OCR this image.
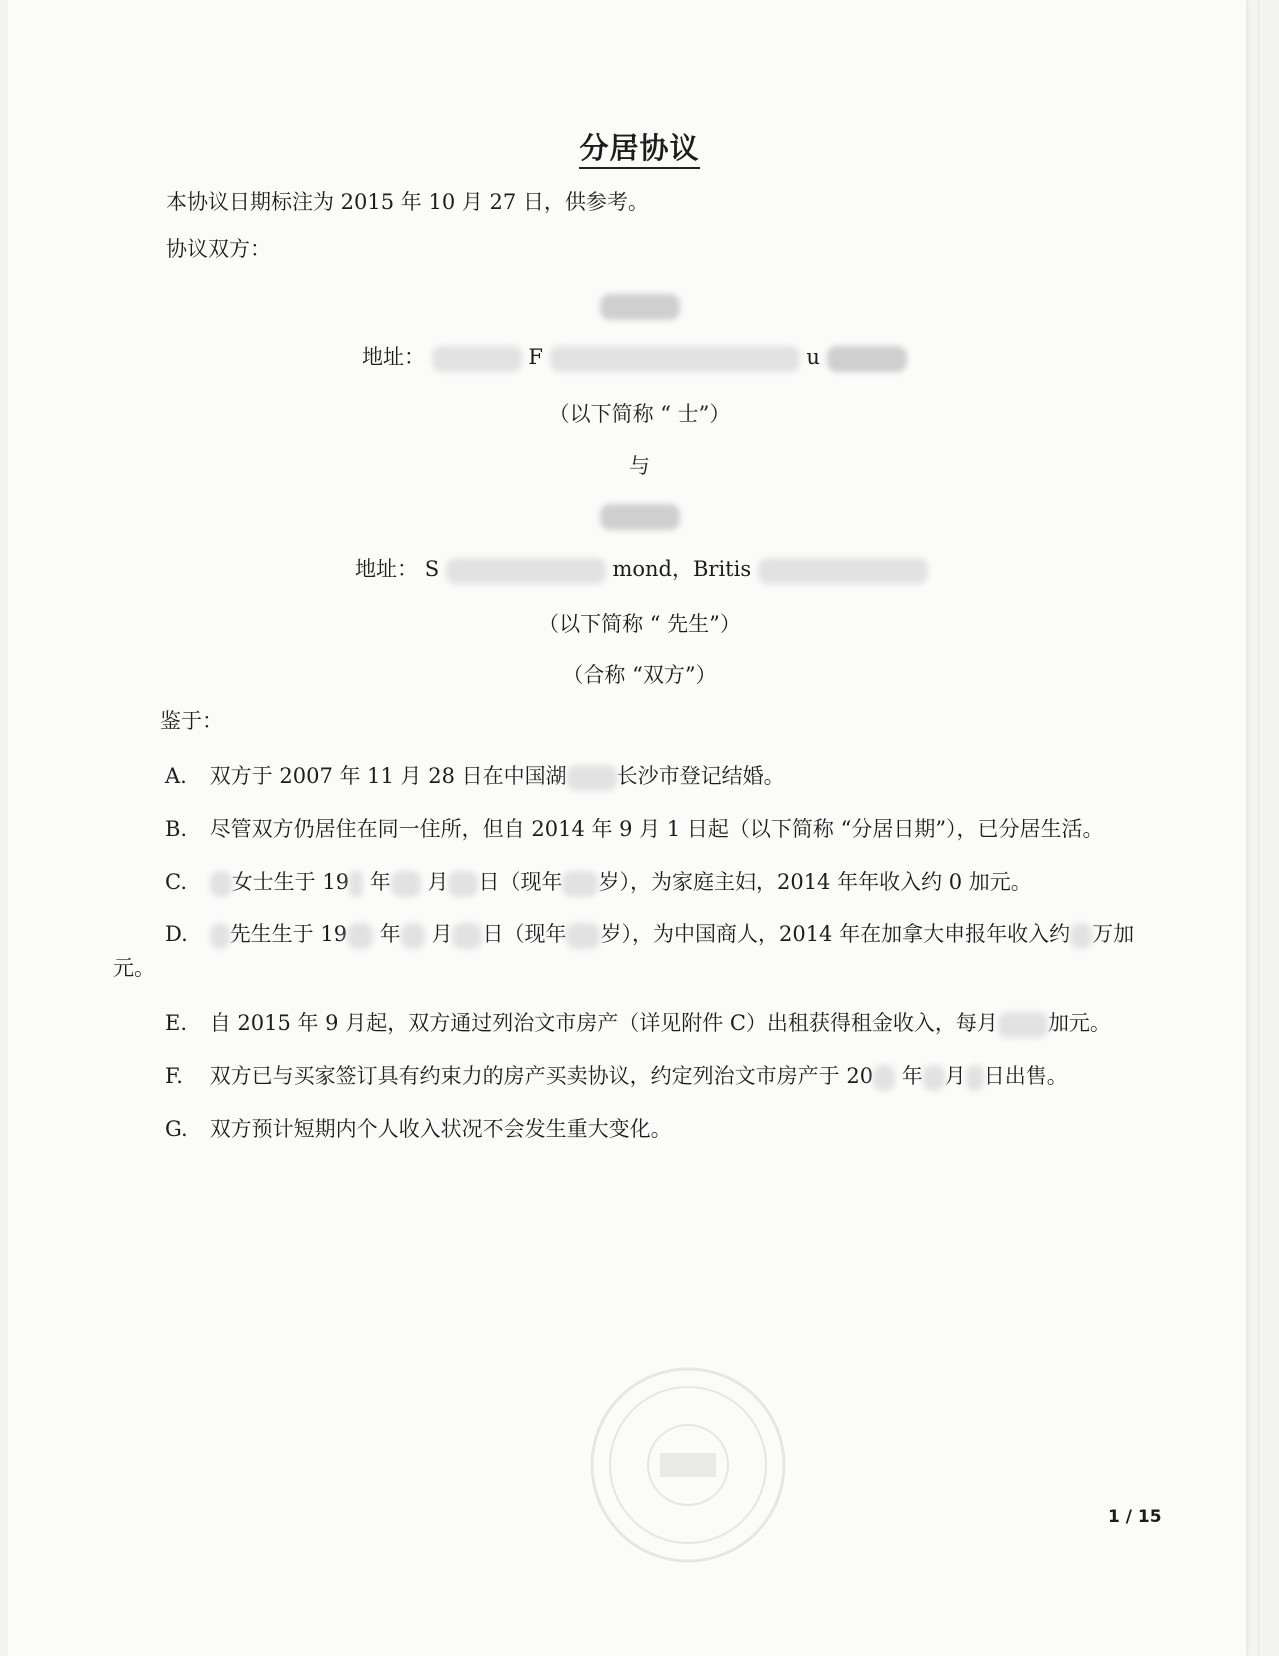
分居协议
本协议日期标注为 2015 年 10 月 27 日，供参考。
协议双方：
地址：	F	u
（以下简称 “ 士”）
与
地址： S	mond，Britis
（以下简称 “ 先生”）
（合称 “双方”）
鉴于：
A. 双方于 2007 年 11 月 28 日在中国湖 长沙市登记结婚。
B. 尽管双方仍居住在同一住所，但自 2014 年 9 月 1 日起（以下简称 “分居日期”），已分居生活。
C. 女士生于 19 年 月 日（现年 岁），为家庭主妇，2014 年年收入约 0 加元。
D. 先生生于 19 年 月 日（现年 岁），为中国商人，2014 年在加拿大申报年收入约 万加
元。
E. 自 2015 年 9 月起，双方通过列治文市房产（详见附件 C）出租获得租金收入，每月 加元。
F. 双方已与买家签订具有约束力的房产买卖协议，约定列治文市房产于 20 年 月 日出售。
G. 双方预计短期内个人收入状况不会发生重大变化。
1 / 15
